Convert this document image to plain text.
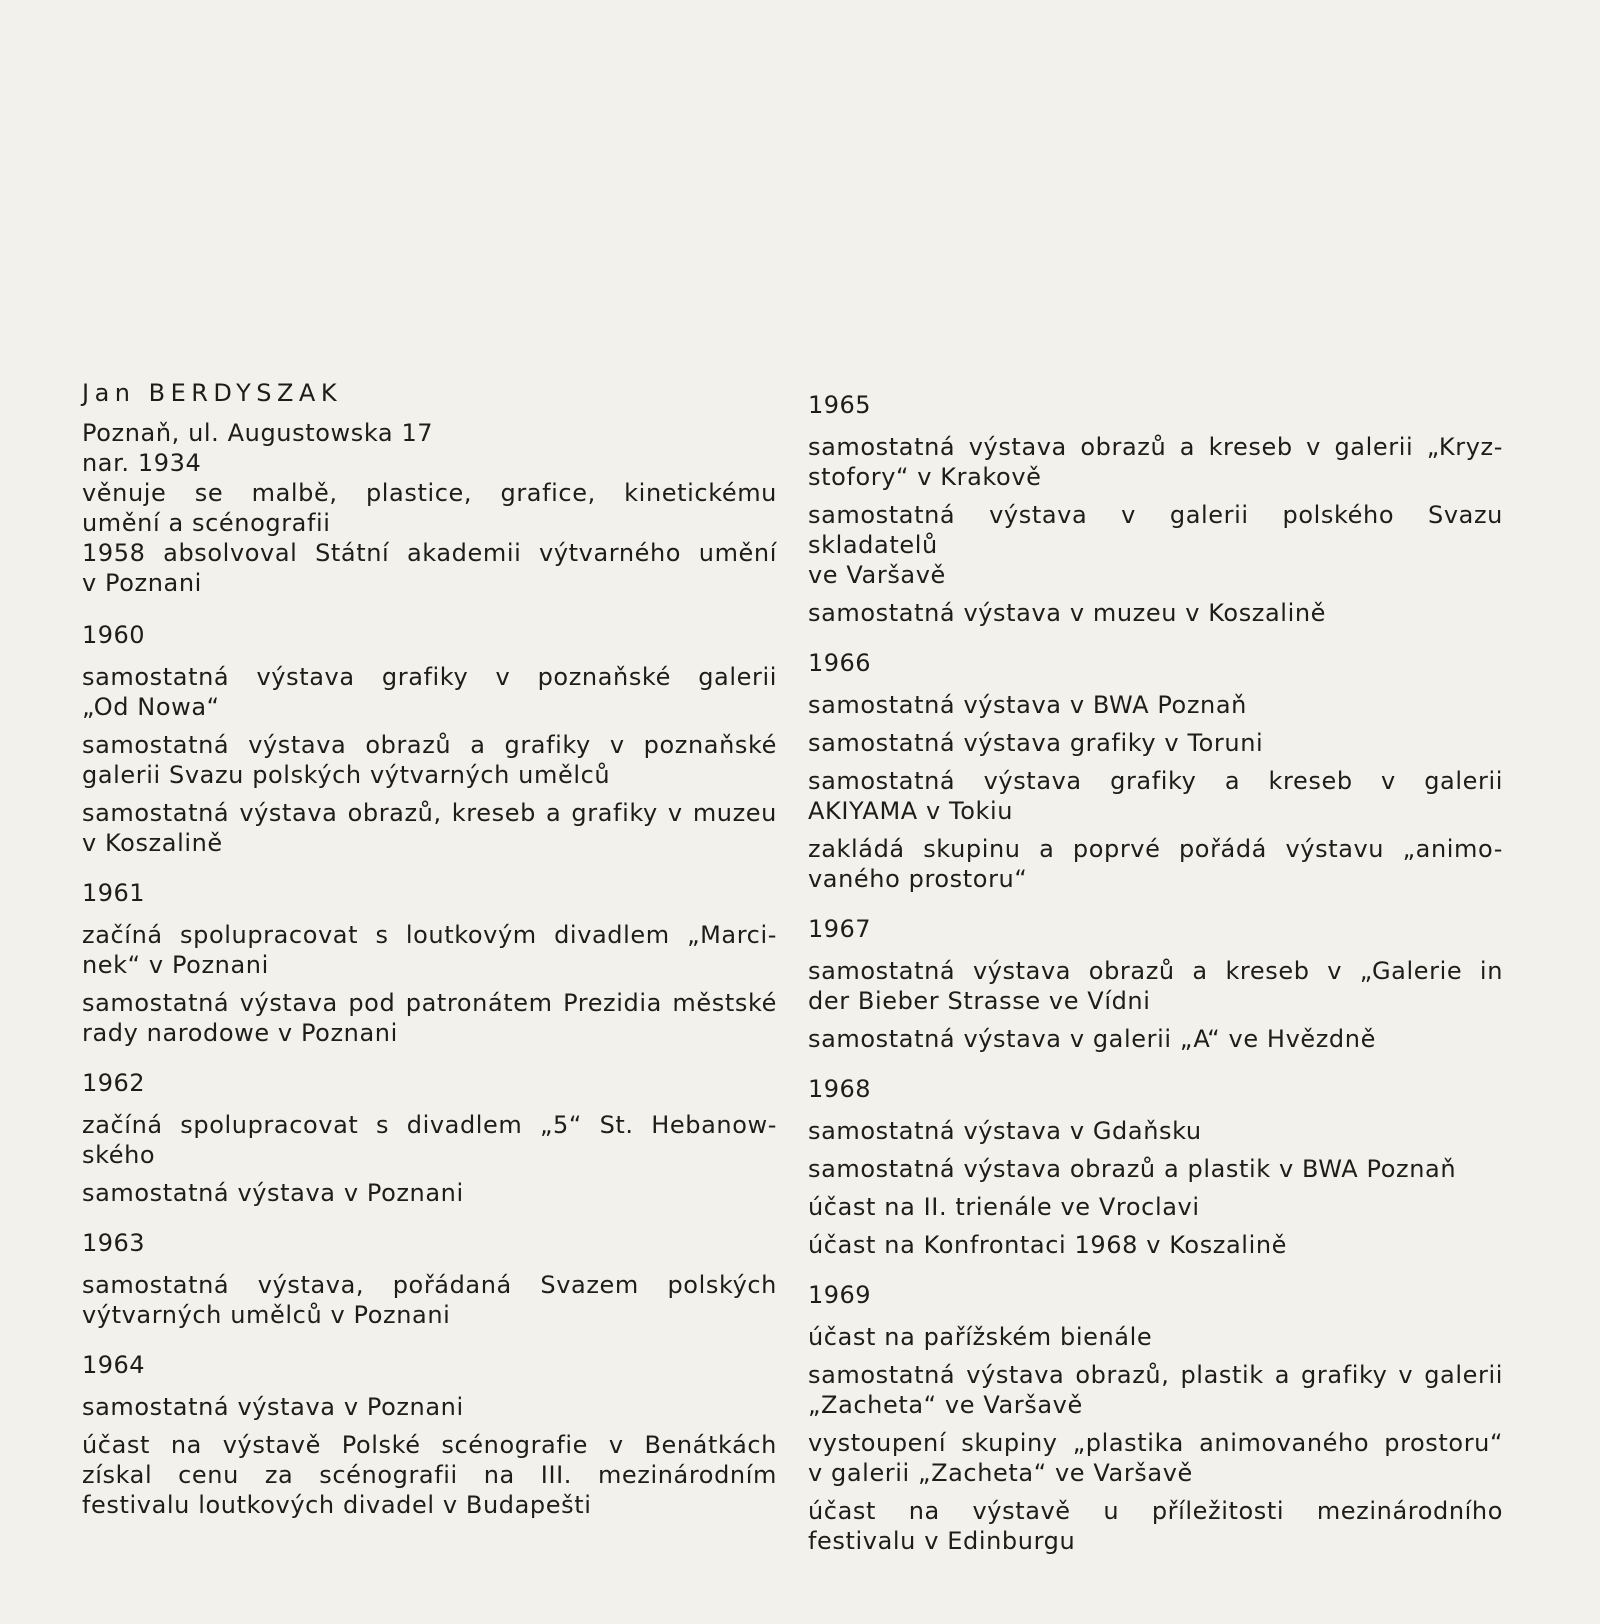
Jan BERDYSZAK

Poznaň, ul. Augustowska 17

nar. 1934

věnuje se malbě, plastice, grafice, kinetickému

umění a scénografii

1958 absolvoval Státní akademii výtvarného umění

v Poznani

1960

samostatná výstava grafiky v poznaňské galerii
„Od Nowa“

samostatná výstava obrazů a grafiky v poznaňské
galerii Svazu polských výtvarných umělců

samostatná výstava obrazů, kreseb a grafiky v muzeu
v Koszalině

1961

začíná spolupracovat s loutkovým divadlem „Marci-
nek“ v Poznani

samostatná výstava pod patronátem Prezidia městské
rady narodowe v Poznani

1962

začíná spolupracovat s divadlem „5“ St. Hebanow-
ského

samostatná výstava v Poznani

1963

samostatná výstava, pořádaná Svazem polských
výtvarných umělců v Poznani

1964

samostatná výstava v Poznani

účast na výstavě Polské scénografie v Benátkách
získal cenu za scénografii na III. mezinárodním
festivalu loutkových divadel v Budapešti

1965

samostatná výstava obrazů a kreseb v galerii „Kryz-
stofory“ v Krakově

samostatná výstava v galerii polského Svazu skladatelů
ve Varšavě

samostatná výstava v muzeu v Koszalině

1966

samostatná výstava v BWA Poznaň

samostatná výstava grafiky v Toruni

samostatná výstava grafiky a kreseb v galerii
AKIYAMA v Tokiu

zakládá skupinu a poprvé pořádá výstavu „animo-
vaného prostoru“

1967

samostatná výstava obrazů a kreseb v „Galerie in
der Bieber Strasse ve Vídni

samostatná výstava v galerii „A“ ve Hvězdně

1968

samostatná výstava v Gdaňsku

samostatná výstava obrazů a plastik v BWA Poznaň

účast na II. trienále ve Vroclavi

účast na Konfrontaci 1968 v Koszalině

1969

účast na pařížském bienále

samostatná výstava obrazů, plastik a grafiky v galerii
„Zacheta“ ve Varšavě

vystoupení skupiny „plastika animovaného prostoru“
v galerii „Zacheta“ ve Varšavě

účast na výstavě u příležitosti mezinárodního
festivalu v Edinburgu
